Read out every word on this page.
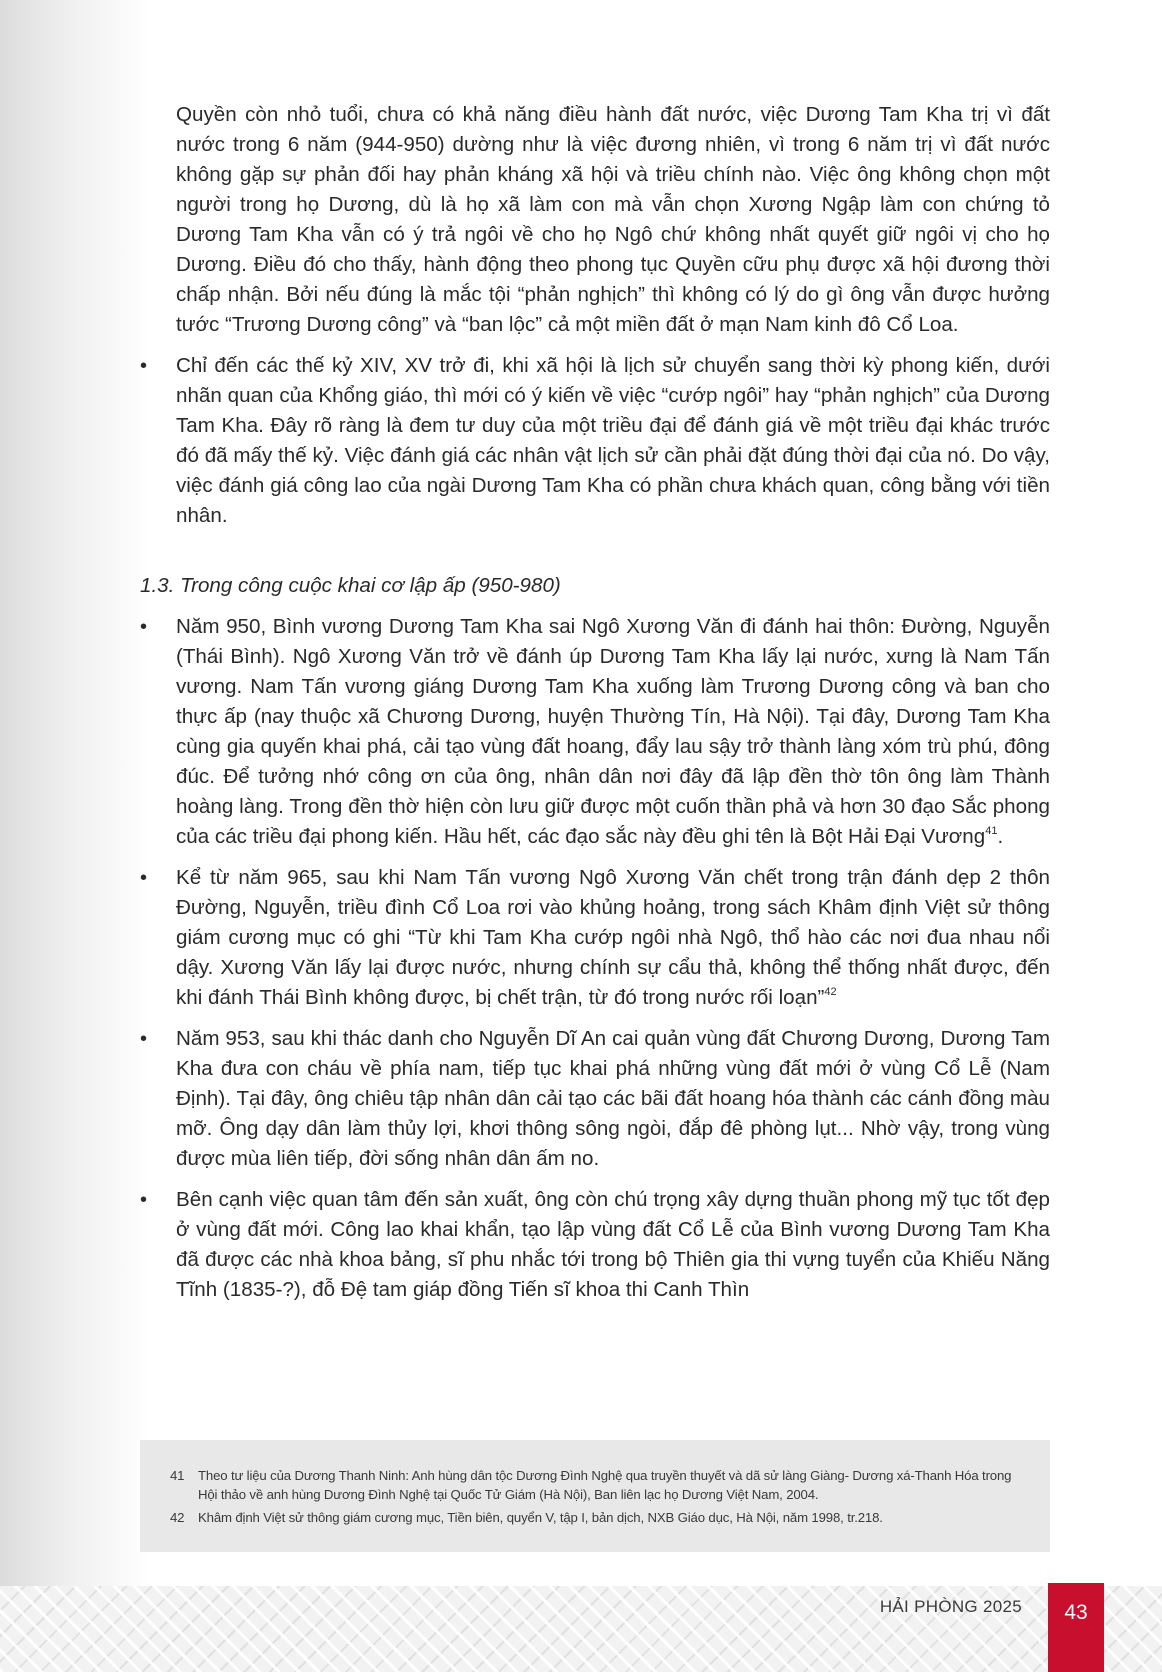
Quyền còn nhỏ tuổi, chưa có khả năng điều hành đất nước, việc Dương Tam Kha trị vì đất nước trong 6 năm (944-950) dường như là việc đương nhiên, vì trong 6 năm trị vì đất nước không gặp sự phản đối hay phản kháng xã hội và triều chính nào. Việc ông không chọn một người trong họ Dương, dù là họ xã làm con mà vẫn chọn Xương Ngập làm con chứng tỏ Dương Tam Kha vẫn có ý trả ngôi về cho họ Ngô chứ không nhất quyết giữ ngôi vị cho họ Dương. Điều đó cho thấy, hành động theo phong tục Quyền cữu phụ được xã hội đương thời chấp nhận. Bởi nếu đúng là mắc tội “phản nghịch” thì không có lý do gì ông vẫn được hưởng tước “Trương Dương công” và “ban lộc” cả một miền đất ở mạn Nam kinh đô Cổ Loa.

•	Chỉ đến các thế kỷ XIV, XV trở đi, khi xã hội là lịch sử chuyển sang thời kỳ phong kiến, dưới nhãn quan của Khổng giáo, thì mới có ý kiến về việc “cướp ngôi” hay “phản nghịch” của Dương Tam Kha. Đây rõ ràng là đem tư duy của một triều đại để đánh giá về một triều đại khác trước đó đã mấy thế kỷ. Việc đánh giá các nhân vật lịch sử cần phải đặt đúng thời đại của nó. Do vậy, việc đánh giá công lao của ngài Dương Tam Kha có phần chưa khách quan, công bằng với tiền nhân.

1.3. Trong công cuộc khai cơ lập ấp (950-980)

•	Năm 950, Bình vương Dương Tam Kha sai Ngô Xương Văn đi đánh hai thôn: Đường, Nguyễn (Thái Bình). Ngô Xương Văn trở về đánh úp Dương Tam Kha lấy lại nước, xưng là Nam Tấn vương. Nam Tấn vương giáng Dương Tam Kha xuống làm Trương Dương công và ban cho thực ấp (nay thuộc xã Chương Dương, huyện Thường Tín, Hà Nội). Tại đây, Dương Tam Kha cùng gia quyến khai phá, cải tạo vùng đất hoang, đẩy lau sậy trở thành làng xóm trù phú, đông đúc. Để tưởng nhớ công ơn của ông, nhân dân nơi đây đã lập đền thờ tôn ông làm Thành hoàng làng. Trong đền thờ hiện còn lưu giữ được một cuốn thần phả và hơn 30 đạo Sắc phong của các triều đại phong kiến. Hầu hết, các đạo sắc này đều ghi tên là Bột Hải Đại Vương$^{41}$.
•	Kể từ năm 965, sau khi Nam Tấn vương Ngô Xương Văn chết trong trận đánh dẹp 2 thôn Đường, Nguyễn, triều đình Cổ Loa rơi vào khủng hoảng, trong sách Khâm định Việt sử thông giám cương mục có ghi “Từ khi Tam Kha cướp ngôi nhà Ngô, thổ hào các nơi đua nhau nổi dậy. Xương Văn lấy lại được nước, nhưng chính sự cẩu thả, không thể thống nhất được, đến khi đánh Thái Bình không được, bị chết trận, từ đó trong nước rối loạn”$^{42}$
•	Năm 953, sau khi thác danh cho Nguyễn Dĩ An cai quản vùng đất Chương Dương, Dương Tam Kha đưa con cháu về phía nam, tiếp tục khai phá những vùng đất mới ở vùng Cổ Lễ (Nam Định). Tại đây, ông chiêu tập nhân dân cải tạo các bãi đất hoang hóa thành các cánh đồng màu mỡ. Ông dạy dân làm thủy lợi, khơi thông sông ngòi, đắp đê phòng lụt... Nhờ vậy, trong vùng được mùa liên tiếp, đời sống nhân dân ấm no.
•	Bên cạnh việc quan tâm đến sản xuất, ông còn chú trọng xây dựng thuần phong mỹ tục tốt đẹp ở vùng đất mới. Công lao khai khẩn, tạo lập vùng đất Cổ Lễ của Bình vương Dương Tam Kha đã được các nhà khoa bảng, sĩ phu nhắc tới trong bộ Thiên gia thi vựng tuyển của Khiếu Năng Tĩnh (1835-?), đỗ Đệ tam giáp đồng Tiến sĩ khoa thi Canh Thìn
41 Theo tư liệu của Dương Thanh Ninh: Anh hùng dân tộc Dương Đình Nghệ qua truyền thuyết và dã sử làng Giàng- Dương xá-Thanh Hóa trong Hội thảo về anh hùng Dương Đình Nghệ tại Quốc Tử Giám (Hà Nội), Ban liên lạc họ Dương Việt Nam, 2004.
42 Khâm định Việt sử thông giám cương mục, Tiền biên, quyển V, tập I, bản dịch, NXB Giáo dục, Hà Nội, năm 1998, tr.218.
HẢI PHÒNG 2025	43
